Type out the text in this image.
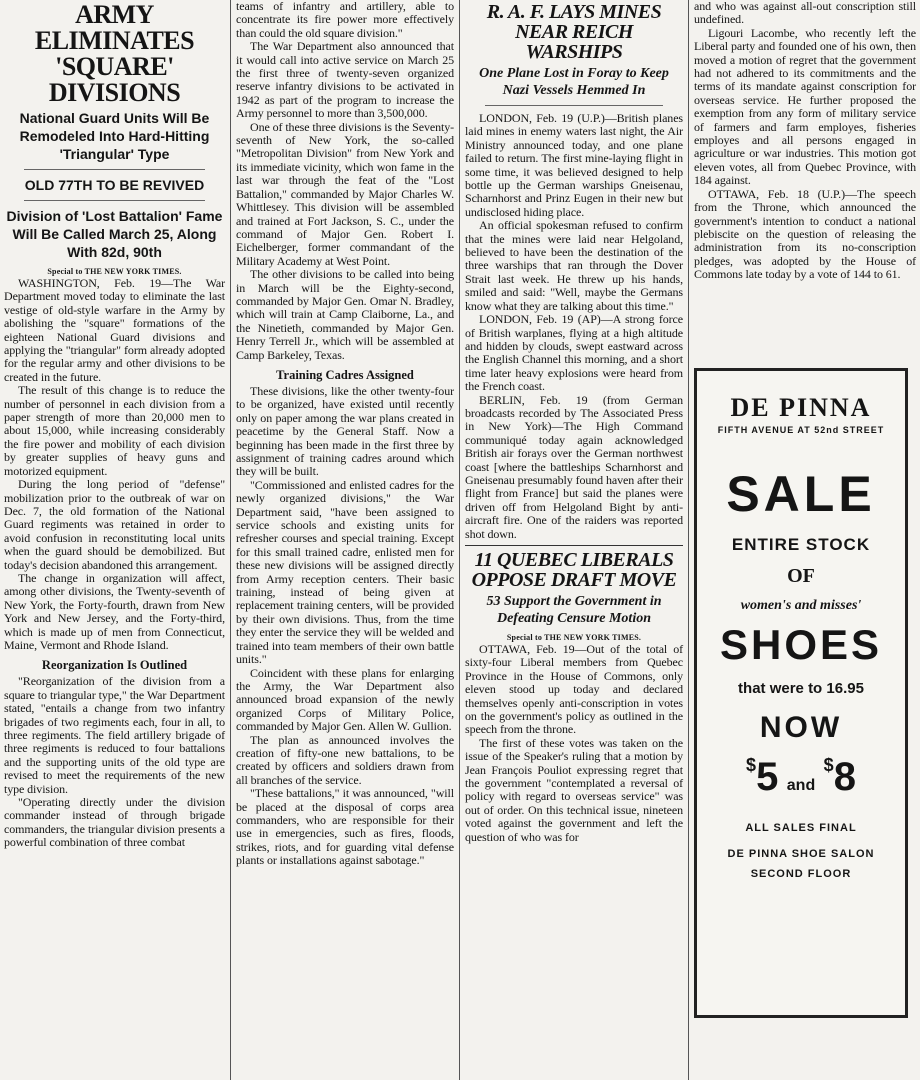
ARMY ELIMINATES 'SQUARE' DIVISIONS
National Guard Units Will Be Remodeled Into Hard-Hitting 'Triangular' Type
OLD 77TH TO BE REVIVED
Division of 'Lost Battalion' Fame Will Be Called March 25, Along With 82d, 90th
Special to THE NEW YORK TIMES.

WASHINGTON, Feb. 19—The War Department moved today to eliminate the last vestige of old-style warfare in the Army by abolishing the "square" formations of the eighteen National Guard divisions and applying the "triangular" form already adopted for the regular army and other divisions to be created in the future.

The result of this change is to reduce the number of personnel in each division from a paper strength of more than 20,000 men to about 15,000, while increasing considerably the fire power and mobility of each division by greater supplies of heavy guns and motorized equipment.

During the long period of "defense" mobilization prior to the outbreak of war on Dec. 7, the old formation of the National Guard regiments was retained in order to avoid confusion in reconstituting local units when the guard should be demobilized. But today's decision abandoned this arrangement.

The change in organization will affect, among other divisions, the Twenty-seventh of New York, the Forty-fourth, drawn from New York and New Jersey, and the Forty-third, which is made up of men from Connecticut, Maine, Vermont and Rhode Island.

Reorganization Is Outlined

"Reorganization of the division from a square to triangular type," the War Department stated, "entails a change from two infantry brigades of two regiments each, four in all, to three regiments. The field artillery brigade of three regiments is reduced to four battalions and the supporting units of the old type are revised to meet the requirements of the new type division.

"Operating directly under the division commander instead of through brigade commanders, the triangular division presents a powerful combination of three combat

teams of infantry and artillery, able to concentrate its fire power more effectively than could the old square division."

The War Department also announced that it would call into active service on March 25 the first three of twenty-seven organized reserve infantry divisions to be activated in 1942 as part of the program to increase the Army personnel to more than 3,500,000.

One of these three divisions is the Seventy-seventh of New York, the so-called "Metropolitan Division" from New York and its immediate vicinity, which won fame in the last war through the feat of the "Lost Battalion," commanded by Major Charles W. Whittlesey. This division will be assembled and trained at Fort Jackson, S. C., under the command of Major Gen. Robert I. Eichelberger, former commandant of the Military Academy at West Point.

The other divisions to be called into being in March will be the Eighty-second, commanded by Major Gen. Omar N. Bradley, which will train at Camp Claiborne, La., and the Ninetieth, commanded by Major Gen. Henry Terrell Jr., which will be assembled at Camp Barkeley, Texas.

Training Cadres Assigned

These divisions, like the other twenty-four to be organized, have existed until recently only on paper among the war plans created in peacetime by the General Staff. Now a beginning has been made in the first three by assignment of training cadres around which they will be built.

"Commissioned and enlisted cadres for the newly organized divisions," the War Department said, "have been assigned to service schools and existing units for refresher courses and special training. Except for this small trained cadre, enlisted men for these new divisions will be assigned directly from Army reception centers. Their basic training, instead of being given at replacement training centers, will be provided by their own divisions. Thus, from the time they enter the service they will be welded and trained into team members of their own battle units."

Coincident with these plans for enlarging the Army, the War Department also announced broad expansion of the newly organized Corps of Military Police, commanded by Major Gen. Allen W. Gullion.

The plan as announced involves the creation of fifty-one new battalions, to be created by officers and soldiers drawn from all branches of the service.

"These battalions," it was announced, "will be placed at the disposal of corps area commanders, who are responsible for their use in emergencies, such as fires, floods, strikes, riots, and for guarding vital defense plants or installations against sabotage."

R. A. F. LAYS MINES NEAR REICH WARSHIPS
One Plane Lost in Foray to Keep Nazi Vessels Hemmed In

LONDON, Feb. 19 (U.P.)—British planes laid mines in enemy waters last night, the Air Ministry announced today, and one plane failed to return. The first mine-laying flight in some time, it was believed designed to help bottle up the German warships Gneisenau, Scharnhorst and Prinz Eugen in their new but undisclosed hiding place.

An official spokesman refused to confirm that the mines were laid near Helgoland, believed to have been the destination of the three warships that ran through the Dover Strait last week. He threw up his hands, smiled and said: "Well, maybe the Germans know what they are talking about this time."

LONDON, Feb. 19 (AP)—A strong force of British warplanes, flying at a high altitude and hidden by clouds, swept eastward across the English Channel this morning, and a short time later heavy explosions were heard from the French coast.

BERLIN, Feb. 19 (from German broadcasts recorded by The Associated Press in New York)—The High Command communiqué today again acknowledged British air forays over the German northwest coast [where the battleships Scharnhorst and Gneisenau presumably found haven after their flight from France] but said the planes were driven off from Helgoland Bight by anti-aircraft fire. One of the raiders was reported shot down.

11 QUEBEC LIBERALS OPPOSE DRAFT MOVE
53 Support the Government in Defeating Censure Motion
Special to THE NEW YORK TIMES.

OTTAWA, Feb. 19—Out of the total of sixty-four Liberal members from Quebec Province in the House of Commons, only eleven stood up today and declared themselves openly anti-conscription in votes on the government's policy as outlined in the speech from the throne.

The first of these votes was taken on the issue of the Speaker's ruling that a motion by Jean François Pouliot expressing regret that the government "contemplated a reversal of policy with regard to overseas service" was out of order. On this technical issue, nineteen voted against the government and left the question of who was for

and who was against all-out conscription still undefined.

Ligouri Lacombe, who recently left the Liberal party and founded one of his own, then moved a motion of regret that the government had not adhered to its commitments and the terms of its mandate against conscription for overseas service. He further proposed the exemption from any form of military service of farmers and farm employes, fisheries employes and all persons engaged in agriculture or war industries. This motion got eleven votes, all from Quebec Province, with 184 against.

OTTAWA, Feb. 18 (U.P.)—The speech from the Throne, which announced the government's intention to conduct a national plebiscite on the question of releasing the administration from its no-conscription pledges, was adopted by the House of Commons late today by a vote of 144 to 61.

DE PINNA
FIFTH AVENUE AT 52nd STREET
SALE
ENTIRE STOCK
OF
women's and misses'
SHOES
that were to 16.95
NOW
$5 and $8
ALL SALES FINAL
DE PINNA SHOE SALON
SECOND FLOOR
